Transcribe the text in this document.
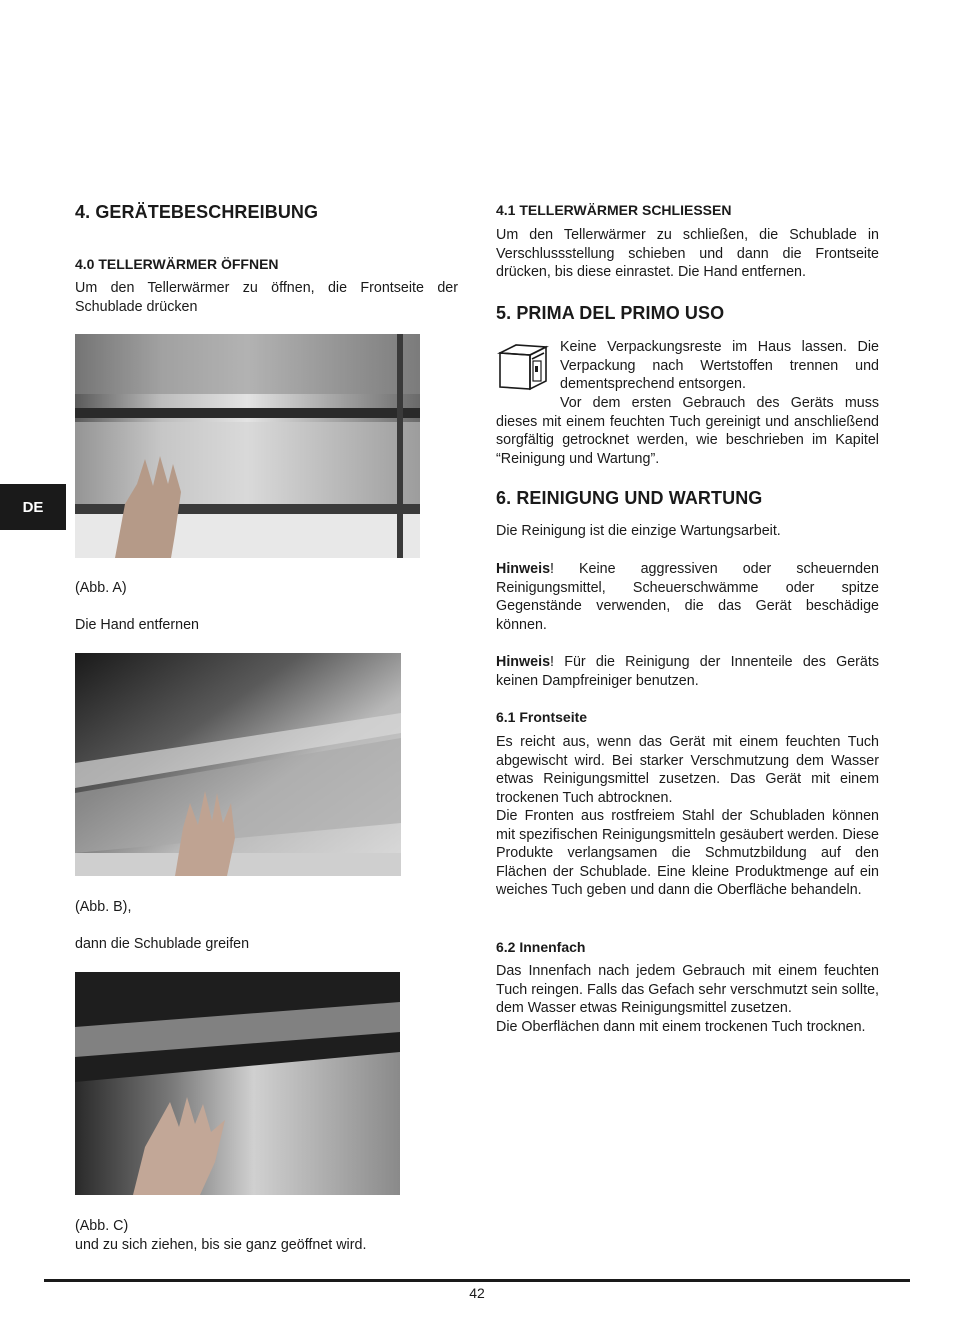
4. GERÄTEBESCHREIBUNG
4.0 TELLERWÄRMER ÖFFNEN

Um den Tellerwärmer zu öffnen, die Frontseite der Schublade drücken

(Abb. A)

Die Hand entfernen

(Abb. B),

dann die Schublade greifen

(Abb. C)

und zu sich ziehen, bis sie ganz geöffnet wird.

4.1 TELLERWÄRMER SCHLIESSEN

Um den Tellerwärmer zu schließen, die Schublade in Verschlussstellung schieben und dann die Frontseite drücken, bis diese einrastet. Die Hand entfernen.

5. PRIMA DEL PRIMO USO

Keine Verpackungsreste im Haus lassen. Die Verpackung nach Wertstoffen trennen und dementsprechend entsorgen.

Vor dem ersten Gebrauch des Geräts muss dieses mit einem feuchten Tuch gereinigt und anschließend sorgfältig getrocknet werden, wie beschrieben im Kapitel “Reinigung und Wartung”.

6. REINIGUNG UND WARTUNG

Die Reinigung ist die einzige Wartungsarbeit.

Hinweis! Keine aggressiven oder scheuernden Reinigungsmittel, Scheuerschwämme oder spitze Gegenstände verwenden, die das Gerät beschädige können.

Hinweis! Für die Reinigung der Innenteile des Geräts keinen Dampfreiniger benutzen.

6.1 Frontseite

Es reicht aus, wenn das Gerät mit einem feuchten Tuch abgewischt wird. Bei starker Verschmutzung dem Wasser etwas Reinigungsmittel zusetzen. Das Gerät mit einem trockenen Tuch abtrocknen.

Die Fronten aus rostfreiem Stahl der Schubladen können mit spezifischen Reinigungsmitteln gesäubert werden. Diese Produkte verlangsamen die Schmutzbildung auf den Flächen der Schublade. Eine kleine Produktmenge auf ein weiches Tuch geben und dann die Oberfläche behandeln.

6.2 Innenfach

Das Innenfach nach jedem Gebrauch mit einem feuchten Tuch reingen. Falls das Gefach sehr verschmutzt sein sollte, dem Wasser etwas Reinigungsmittel zusetzen.

Die Oberflächen dann mit einem trockenen Tuch trocknen.

DE
42
